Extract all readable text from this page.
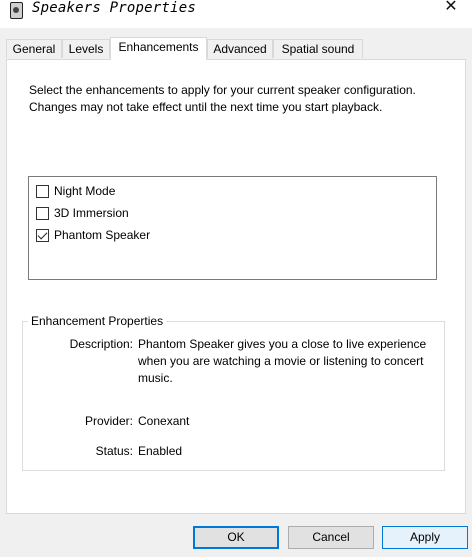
Speakers Properties	✕
General	Levels	Enhancements	Advanced	Spatial sound
Select the enhancements to apply for your current speaker configuration. Changes may not take effect until the next time you start playback.
Night Mode
3D Immersion
Phantom Speaker
Enhancement Properties
Description: Phantom Speaker gives you a close to live experience when you are watching a movie or listening to concert music.
Provider: Conexant
Status: Enabled
OK	Cancel	Apply
